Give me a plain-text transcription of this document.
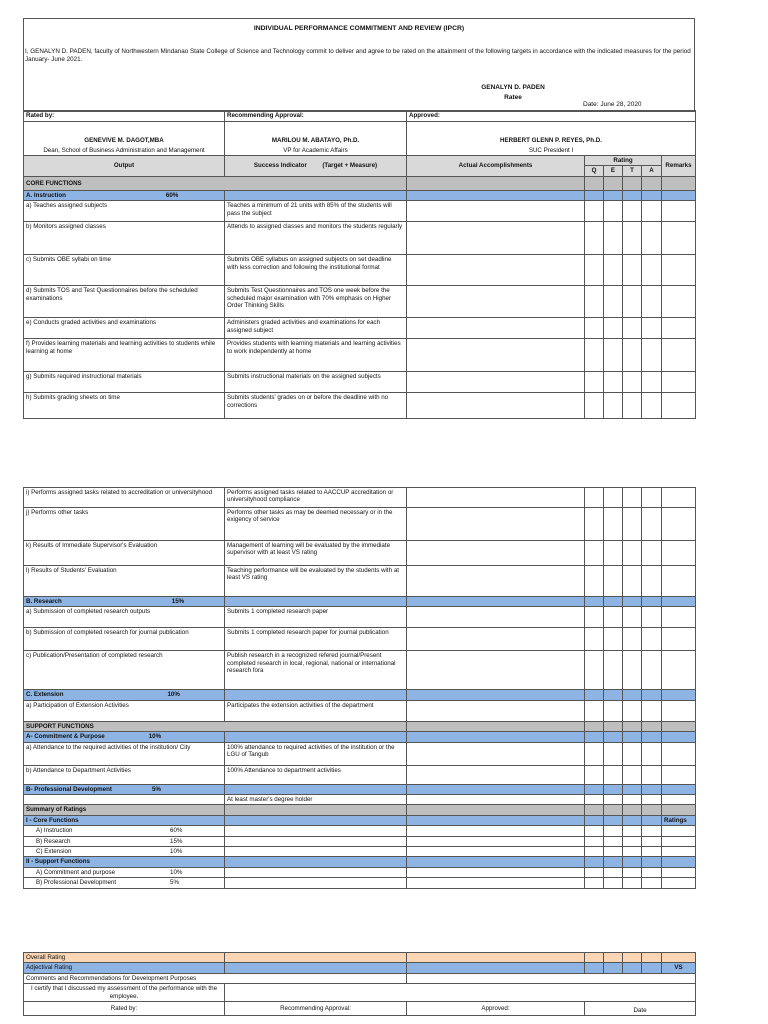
INDIVIDUAL PERFORMANCE COMMITMENT AND REVIEW (IPCR)
I, GENALYN D. PADEN, faculty of Northwestern Mindanao State College of Science and Technology commit to deliver and agree to be rated on the attainment of the following targets in accordance with the indicated measures for the period January- June 2021.
GENALYN D. PADEN
Ratee
Date: June 28, 2020
Rated by:	Recommending Approval:	Approved:
GENEVIVE M. DAGOT,MBA	MARILOU M. ABATAYO, Ph.D.	HERBERT GLENN P. REYES, Ph.D.
Dean, School of Business Administration and Management	VP for Academic Affairs	SUC President I
Output	Success Indicator (Target + Measure)	Actual Accomplishments	Rating				Remarks
			Q	E	T	A	
CORE FUNCTIONS							
A. Instruction 60%							
a) Teaches assigned subjects	Teaches a minimum of 21 units with 85% of the students will pass the subject						
b) Monitors assigned classes	Attends to assigned classes and monitors the students regularly						
c) Submits OBE syllabi on time	Submits OBE syllabus on assigned subjects on set deadline with less correction and following the institutional format						
d) Submits TOS and Test Questionnaires before the scheduled examinations	Submits Test Questionnaires and TOS one week before the scheduled major examination with 70% emphasis on Higher Order Thinking Skills						
e) Conducts graded activities and examinations	Administers graded activities and examinations for each assigned subject						
f) Provides learning materials and learning activities to students while learning at home	Provides students with learning materials and learning activities to work independently at home						
g) Submits required instructional materials	Submits instructional materials on the assigned subjects						
h) Submits grading sheets on time	Submits students' grades on or before the deadline with no corrections						
i) Performs assigned tasks related to accreditation or universityhood	Performs assigned tasks related to AACCUP accreditation or universityhood compliance						
j) Performs other tasks	Performs other tasks as may be deemed necessary or in the exigency of service						
k) Results of Immediate Supervisor's Evaluation	Management of learning will be evaluated by the immediate supervisor with at least VS rating						
l) Results of Students' Evaluation	Teaching performance will be evaluated by the students with at least VS rating						
B. Research 15%							
a) Submission of completed research outputs	Submits 1 completed research paper						
b) Submission of completed research for journal publication	Submits 1 completed research paper for journal publication						
c) Publication/Presentation of completed research	Publish research in a recognized refered journal/Present completed research in local, regional, national or international research fora						
C. Extension 10%							
a) Participation of Extension Activities	Participates the extension activities of the department						
SUPPORT FUNCTIONS							
A- Commitment & Purpose 10%							
a) Attendance to the required activities of the institution/ City	100% attendance to required activities of the institution or the LGU of Tangub						
b) Attendance to Department Activities	100% Attendance to department activities						
B- Professional Development 5%							
	At least master's degree holder						
Summary of Ratings							
I - Core Functions							Ratings
A) Instruction 60%							
B) Research 15%							
C) Extension 10%							
II - Support Functions							
A) Commitment and purpose 10%							
B) Professional Development 5%							
Overall Rating							
Adjectival Rating							VS
Comments and Recommendations for Development Purposes							
I certify that I discussed my assessment of the performance with the employee.							
Rated by:	Recommending Approval:	Approved:	Date				
